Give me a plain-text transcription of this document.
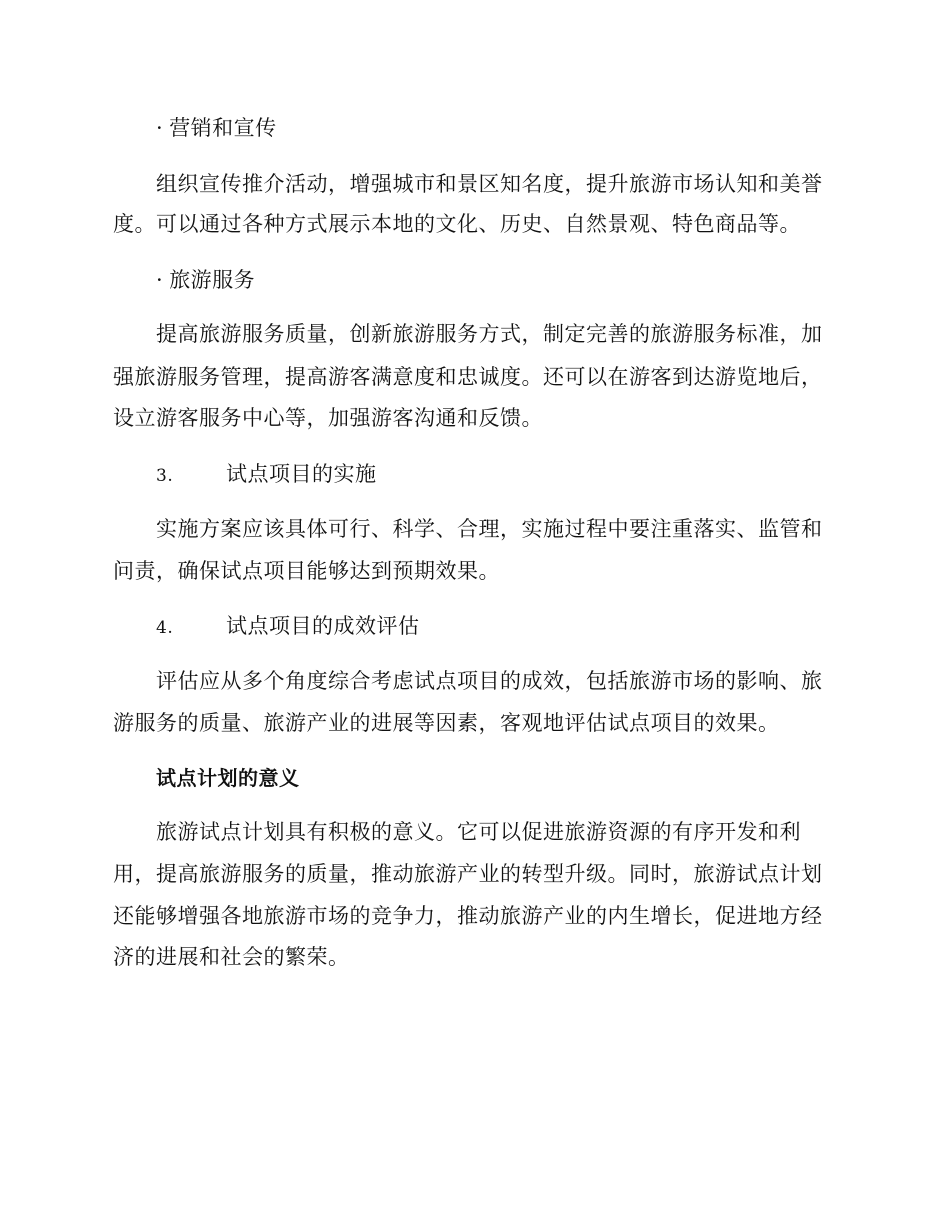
· 营销和宣传
组织宣传推介活动，增强城市和景区知名度，提升旅游市场认知和美誉
度。可以通过各种方式展示本地的文化、历史、自然景观、特色商品等。
· 旅游服务
提高旅游服务质量，创新旅游服务方式，制定完善的旅游服务标准，加
强旅游服务管理，提高游客满意度和忠诚度。还可以在游客到达游览地后，
设立游客服务中心等，加强游客沟通和反馈。
3.	试点项目的实施
实施方案应该具体可行、科学、合理，实施过程中要注重落实、监管和
问责，确保试点项目能够达到预期效果。
4.	试点项目的成效评估
评估应从多个角度综合考虑试点项目的成效，包括旅游市场的影响、旅
游服务的质量、旅游产业的进展等因素，客观地评估试点项目的效果。
试点计划的意义
旅游试点计划具有积极的意义。它可以促进旅游资源的有序开发和利
用，提高旅游服务的质量，推动旅游产业的转型升级。同时，旅游试点计划
还能够增强各地旅游市场的竞争力，推动旅游产业的内生增长，促进地方经
济的进展和社会的繁荣。
